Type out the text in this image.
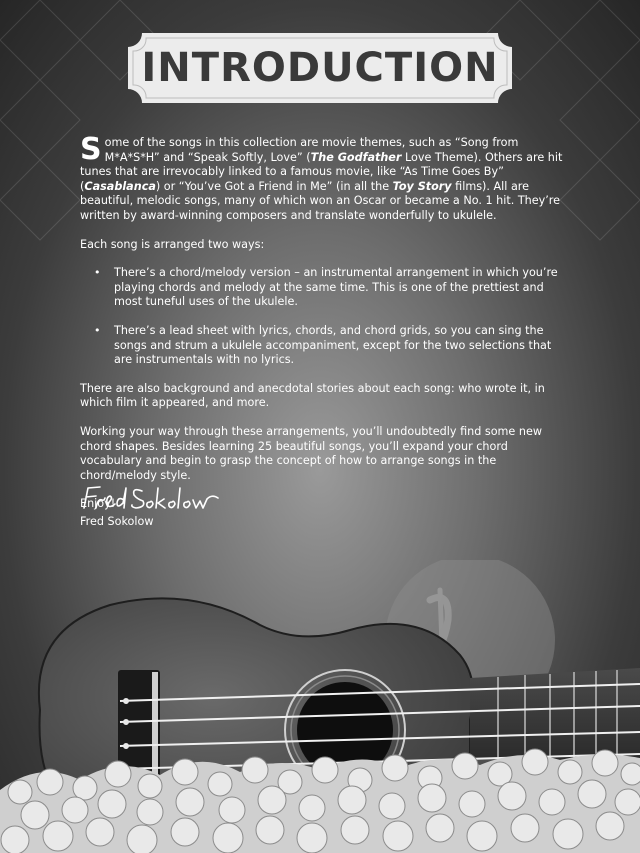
INTRODUCTION

Some of the songs in this collection are movie themes, such as “Song from M*A*S*H” and “Speak Softly, Love” (The Godfather Love Theme). Others are hit tunes that are irrevocably linked to a famous movie, like “As Time Goes By” (Casablanca) or “You’ve Got a Friend in Me” (in all the Toy Story films). All are beautiful, melodic songs, many of which won an Oscar or became a No. 1 hit. They’re written by award-winning composers and translate wonderfully to ukulele.

Each song is arranged two ways:

• There’s a chord/melody version – an instrumental arrangement in which you’re playing chords and melody at the same time. This is one of the prettiest and most tuneful uses of the ukulele.
• There’s a lead sheet with lyrics, chords, and chord grids, so you can sing the songs and strum a ukulele accompaniment, except for the two selections that are instrumentals with no lyrics.

There are also background and anecdotal stories about each song: who wrote it, in which film it appeared, and more.

Working your way through these arrangements, you’ll undoubtedly find some new chord shapes. Besides learning 25 beautiful songs, you’ll expand your chord vocabulary and begin to grasp the concept of how to arrange songs in the chord/melody style.

Enjoy!

Fred Sokolow
